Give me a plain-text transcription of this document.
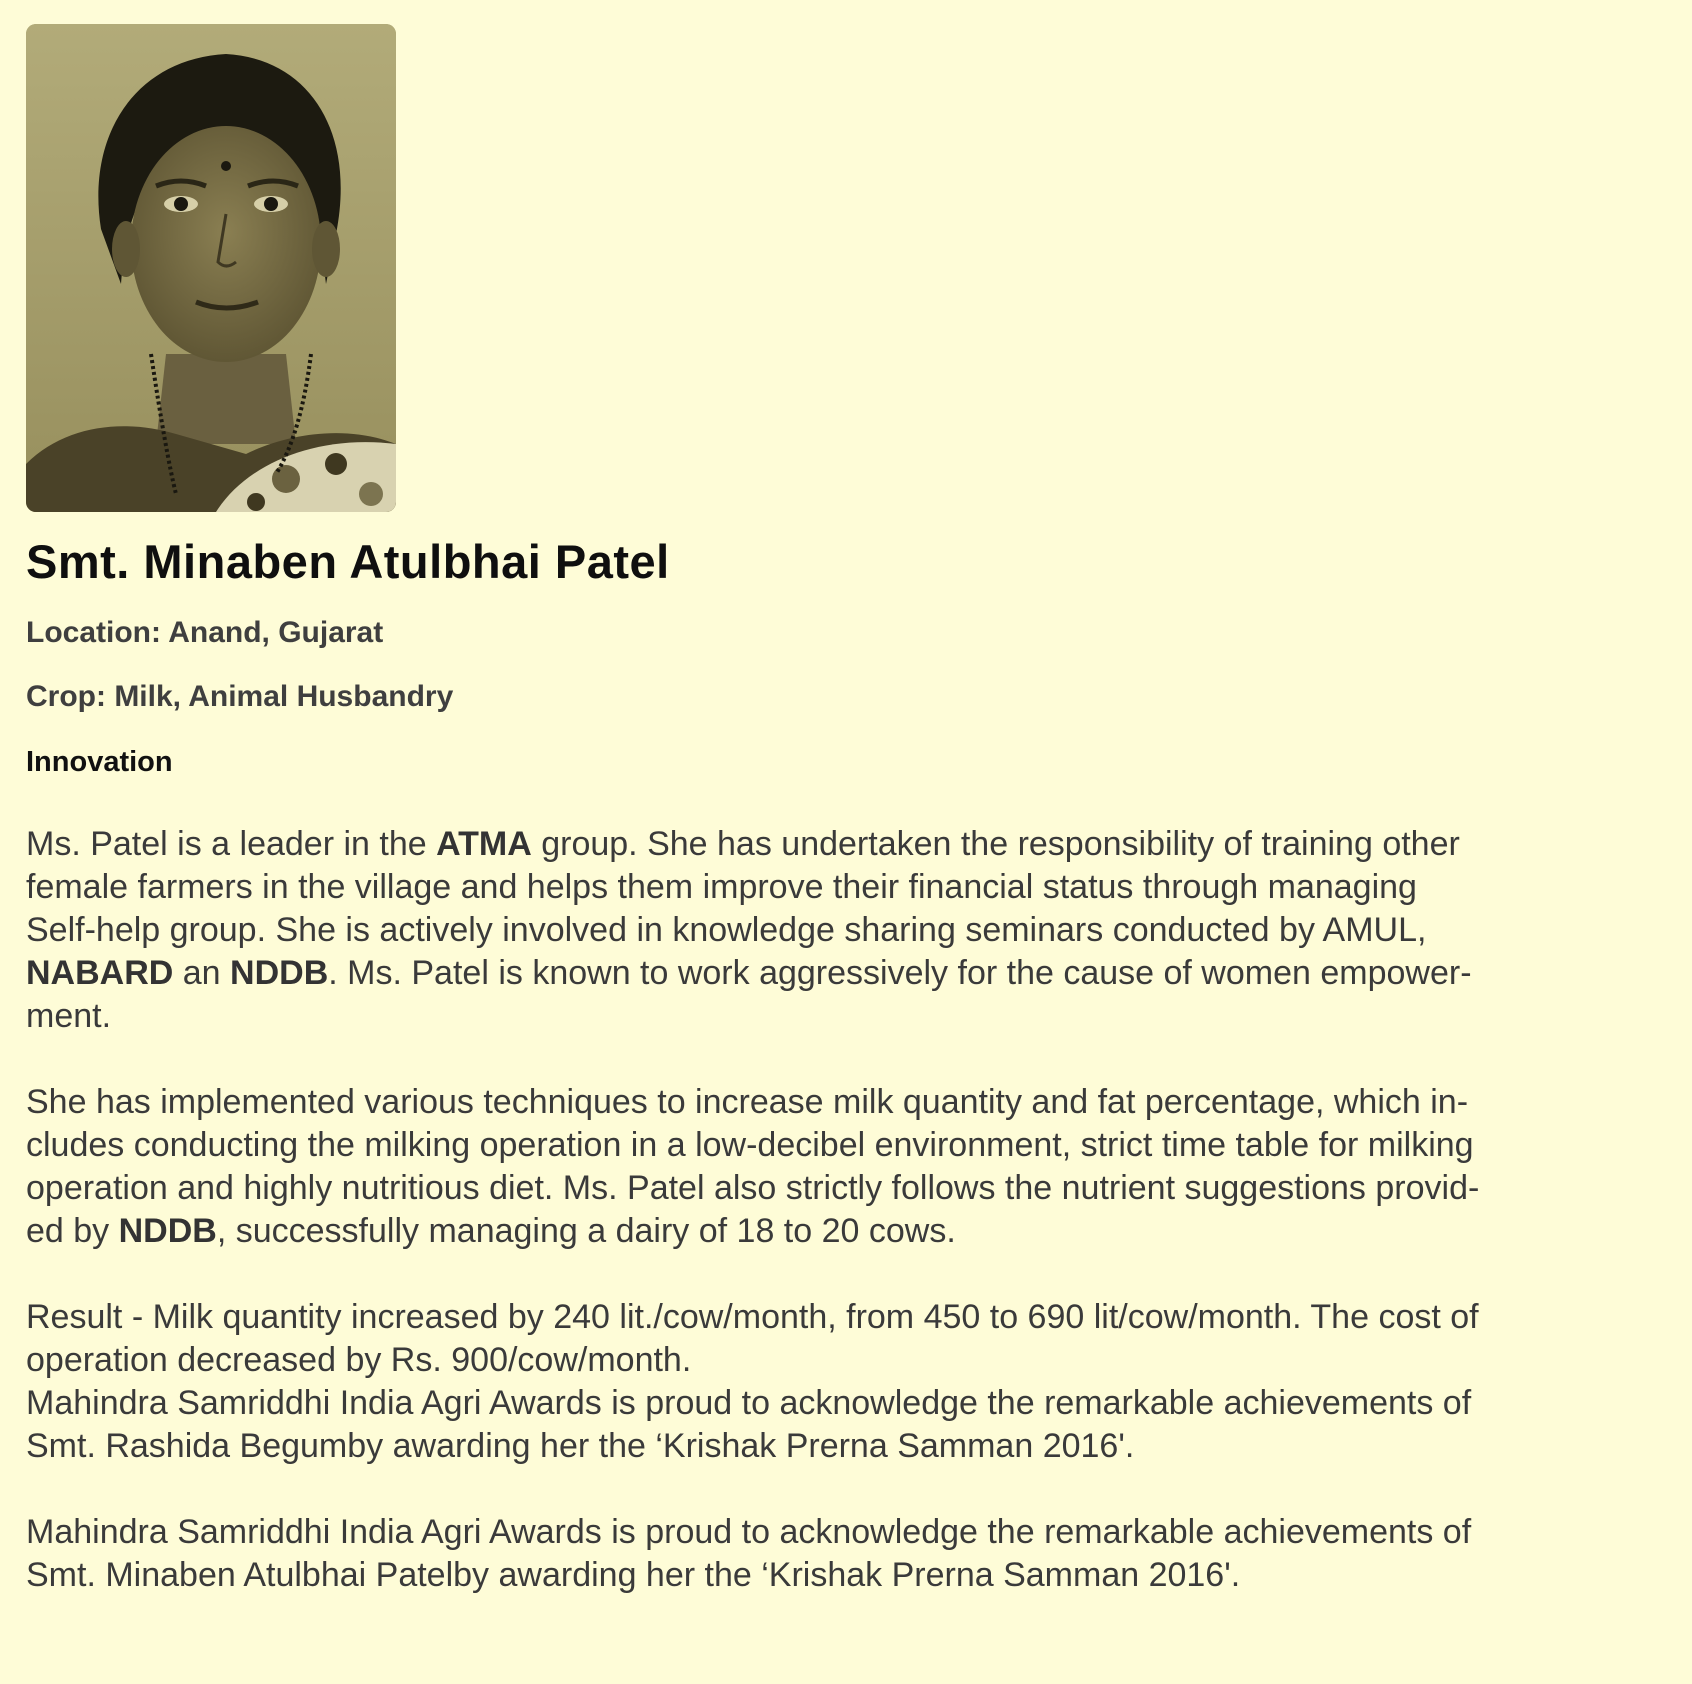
Smt. Minaben Atulbhai Patel

Location: Anand, Gujarat

Crop: Milk, Animal Husbandry

Innovation
Ms. Patel is a leader in the ATMA group. She has undertaken the responsibility of training other
female farmers in the village and helps them improve their financial status through managing
Self-help group. She is actively involved in knowledge sharing seminars conducted by AMUL,
NABARD an NDDB. Ms. Patel is known to work aggressively for the cause of women empower-
ment.
She has implemented various techniques to increase milk quantity and fat percentage, which in-
cludes conducting the milking operation in a low-decibel environment, strict time table for milking
operation and highly nutritious diet. Ms. Patel also strictly follows the nutrient suggestions provid-
ed by NDDB, successfully managing a dairy of 18 to 20 cows.
Result - Milk quantity increased by 240 lit./cow/month, from 450 to 690 lit/cow/month. The cost of
operation decreased by Rs. 900/cow/month.
Mahindra Samriddhi India Agri Awards is proud to acknowledge the remarkable achievements of
Smt. Rashida Begumby awarding her the ‘Krishak Prerna Samman 2016'.
Mahindra Samriddhi India Agri Awards is proud to acknowledge the remarkable achievements of
Smt. Minaben Atulbhai Patelby awarding her the ‘Krishak Prerna Samman 2016'.
